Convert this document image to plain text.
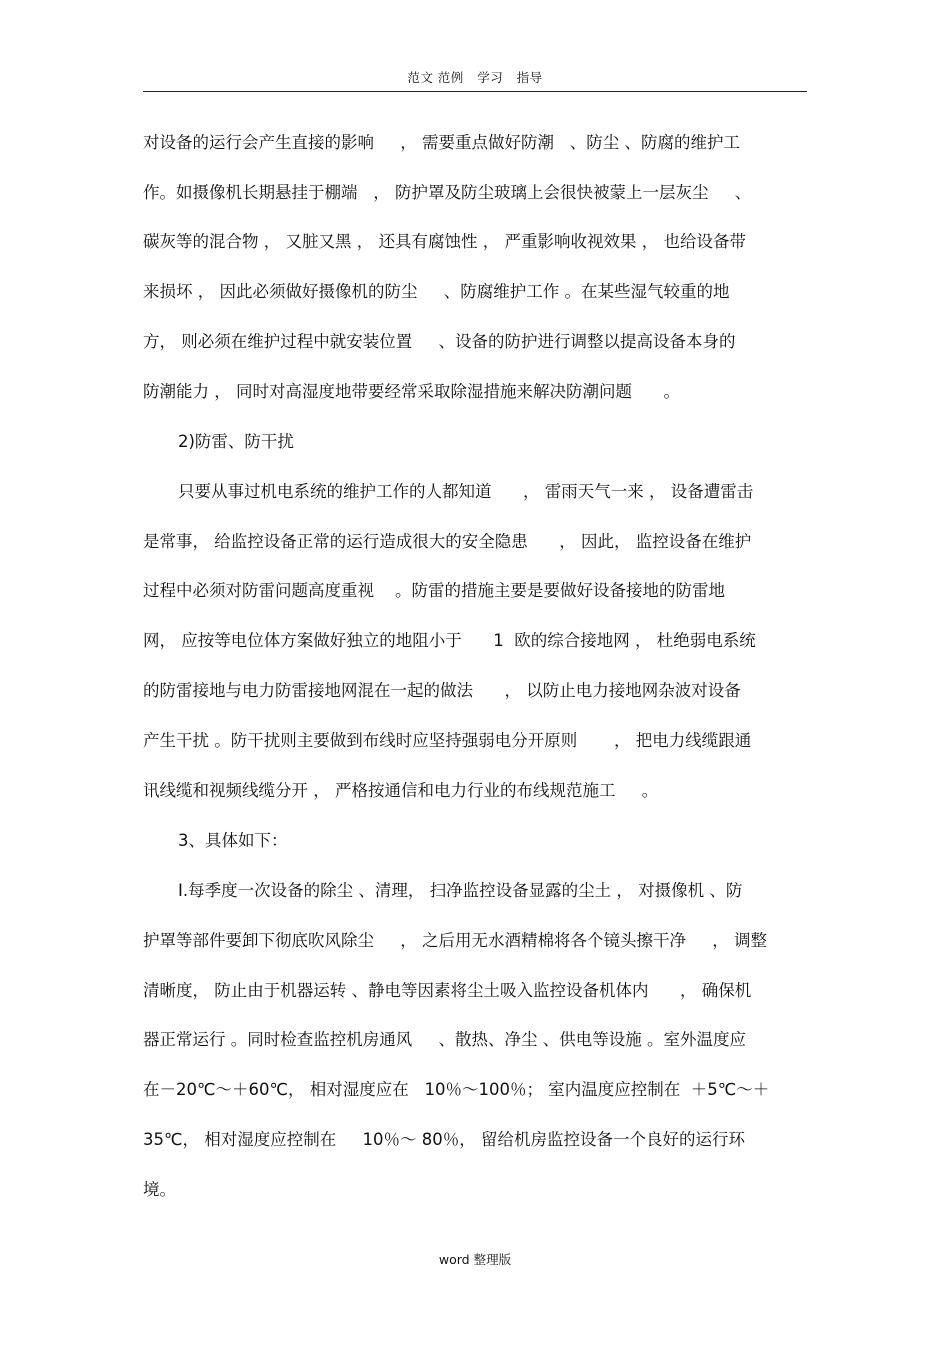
范文 范例   学习   指导
对设备的运行会产生直接的影响     ， 需要重点做好防潮   、防尘 、防腐的维护工
作。如摄像机长期悬挂于棚端   ， 防护罩及防尘玻璃上会很快被蒙上一层灰尘     、
碳灰等的混合物 ， 又脏又黑 ， 还具有腐蚀性 ， 严重影响收视效果 ， 也给设备带
来损坏 ， 因此必须做好摄像机的防尘     、防腐维护工作 。在某些湿气较重的地
方， 则必须在维护过程中就安装位置     、设备的防护进行调整以提高设备本身的
防潮能力 ， 同时对高湿度地带要经常采取除湿措施来解决防潮问题      。
2)防雷、防干扰
只要从事过机电系统的维护工作的人都知道      ， 雷雨天气一来 ， 设备遭雷击
是常事， 给监控设备正常的运行造成很大的安全隐患      ， 因此， 监控设备在维护
过程中必须对防雷问题高度重视    。防雷的措施主要是要做好设备接地的防雷地
网， 应按等电位体方案做好独立的地阻小于      1  欧的综合接地网 ， 杜绝弱电系统
的防雷接地与电力防雷接地网混在一起的做法      ， 以防止电力接地网杂波对设备
产生干扰 。防干扰则主要做到布线时应坚持强弱电分开原则       ， 把电力线缆跟通
讯线缆和视频线缆分开 ， 严格按通信和电力行业的布线规范施工     。
3、具体如下：
Ⅰ.每季度一次设备的除尘 、清理， 扫净监控设备显露的尘土 ， 对摄像机 、防
护罩等部件要卸下彻底吹风除尘     ， 之后用无水酒精棉将各个镜头擦干净     ， 调整
清晰度， 防止由于机器运转 、静电等因素将尘土吸入监控设备机体内      ， 确保机
器正常运行 。同时检查监控机房通风     、散热、净尘 、供电等设施 。室外温度应
在－20℃～＋60℃， 相对湿度应在   10％～100％； 室内温度应控制在  ＋5℃～＋
35℃， 相对湿度应控制在     10％～ 80％， 留给机房监控设备一个良好的运行环
境。
word 整理版
